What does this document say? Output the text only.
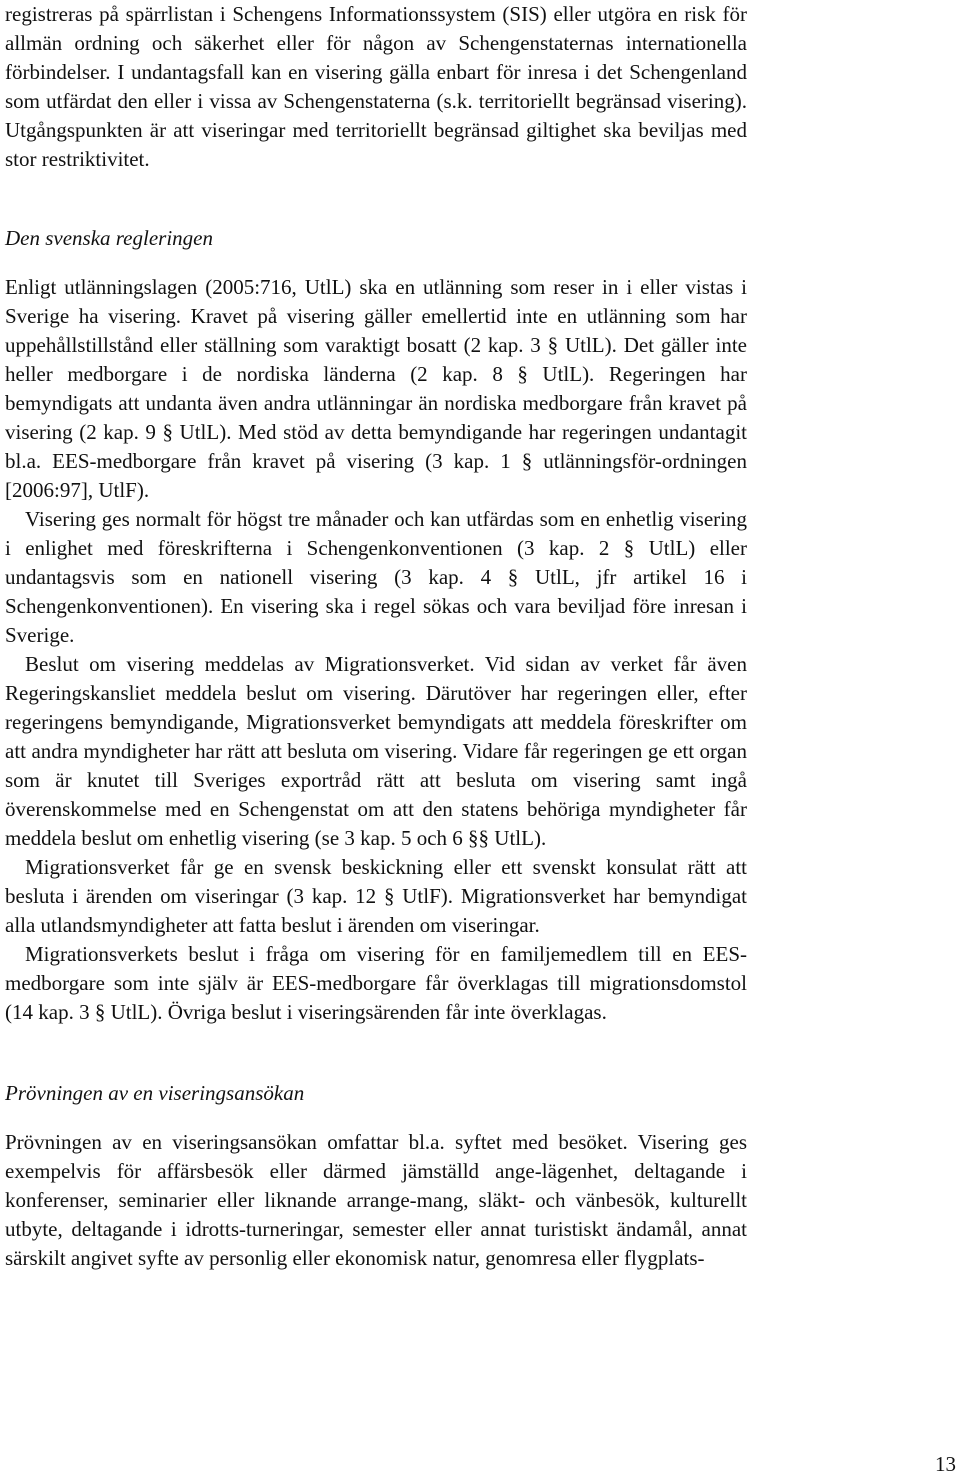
registreras på spärrlistan i Schengens Informationssystem (SIS) eller utgöra en risk för allmän ordning och säkerhet eller för någon av Schengenstaternas internationella förbindelser. I undantagsfall kan en visering gälla enbart för inresa i det Schengenland som utfärdat den eller i vissa av Schengenstaterna (s.k. territoriellt begränsad visering). Utgångspunkten är att viseringar med territoriellt begränsad giltighet ska beviljas med stor restriktivitet.

Den svenska regleringen

Enligt utlänningslagen (2005:716, UtlL) ska en utlänning som reser in i eller vistas i Sverige ha visering. Kravet på visering gäller emellertid inte en utlänning som har uppehållstillstånd eller ställning som varaktigt bosatt (2 kap. 3 § UtlL). Det gäller inte heller medborgare i de nordiska länderna (2 kap. 8 § UtlL). Regeringen har bemyndigats att undanta även andra utlänningar än nordiska medborgare från kravet på visering (2 kap. 9 § UtlL). Med stöd av detta bemyndigande har regeringen undantagit bl.a. EES-medborgare från kravet på visering (3 kap. 1 § utlänningsför-ordningen [2006:97], UtlF).

Visering ges normalt för högst tre månader och kan utfärdas som en enhetlig visering i enlighet med föreskrifterna i Schengenkonventionen (3 kap. 2 § UtlL) eller undantagsvis som en nationell visering (3 kap. 4 § UtlL, jfr artikel 16 i Schengenkonventionen). En visering ska i regel sökas och vara beviljad före inresan i Sverige.

Beslut om visering meddelas av Migrationsverket. Vid sidan av verket får även Regeringskansliet meddela beslut om visering. Därutöver har regeringen eller, efter regeringens bemyndigande, Migrationsverket bemyndigats att meddela föreskrifter om att andra myndigheter har rätt att besluta om visering. Vidare får regeringen ge ett organ som är knutet till Sveriges exportråd rätt att besluta om visering samt ingå överenskommelse med en Schengenstat om att den statens behöriga myndigheter får meddela beslut om enhetlig visering (se 3 kap. 5 och 6 §§ UtlL).

Migrationsverket får ge en svensk beskickning eller ett svenskt konsulat rätt att besluta i ärenden om viseringar (3 kap. 12 § UtlF). Migrationsverket har bemyndigat alla utlandsmyndigheter att fatta beslut i ärenden om viseringar.

Migrationsverkets beslut i fråga om visering för en familjemedlem till en EES-medborgare som inte själv är EES-medborgare får överklagas till migrationsdomstol (14 kap. 3 § UtlL). Övriga beslut i viseringsärenden får inte överklagas.

Prövningen av en viseringsansökan

Prövningen av en viseringsansökan omfattar bl.a. syftet med besöket. Visering ges exempelvis för affärsbesök eller därmed jämställd ange-lägenhet, deltagande i konferenser, seminarier eller liknande arrange-mang, släkt- och vänbesök, kulturellt utbyte, deltagande i idrotts-turneringar, semester eller annat turistiskt ändamål, annat särskilt angivet syfte av personlig eller ekonomisk natur, genomresa eller flygplats-

13
